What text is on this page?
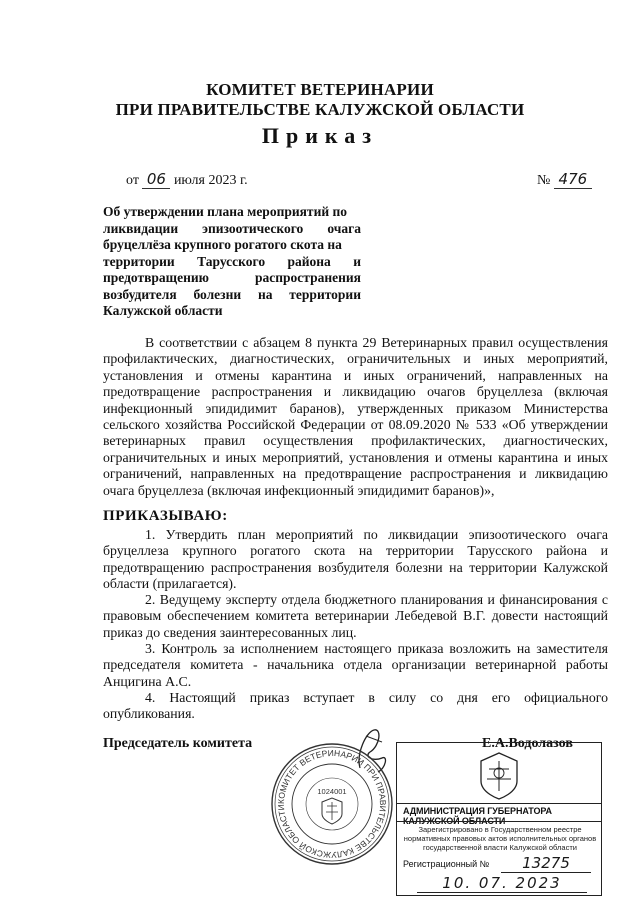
КОМИТЕТ ВЕТЕРИНАРИИ
ПРИ ПРАВИТЕЛЬСТВЕ КАЛУЖСКОЙ ОБЛАСТИ
Приказ
от 06 июля 2023 г.	№ 476
Об утверждении плана мероприятий по
ликвидации эпизоотического очага
бруцеллёза крупного рогатого скота на
территории Тарусского района и
предотвращению распространения
возбудителя болезни на территории
Калужской области
В соответствии с абзацем 8 пункта 29 Ветеринарных правил осуществления профилактических, диагностических, ограничительных и иных мероприятий, установления и отмены карантина и иных ограничений, направленных на предотвращение распространения и ликвидацию очагов бруцеллеза (включая инфекционный эпидидимит баранов), утвержденных приказом Министерства сельского хозяйства Российской Федерации от 08.09.2020 № 533 «Об утверждении ветеринарных правил осуществления профилактических, диагностических, ограничительных и иных мероприятий, установления и отмены карантина и иных ограничений, направленных на предотвращение распространения и ликвидацию очага бруцеллеза (включая инфекционный эпидидимит баранов)»,
ПРИКАЗЫВАЮ:
1. Утвердить план мероприятий по ликвидации эпизоотического очага бруцеллеза крупного рогатого скота на территории Тарусского района и предотвращению распространения возбудителя болезни на территории Калужской области (прилагается).
2. Ведущему эксперту отдела бюджетного планирования и финансирования с правовым обеспечением комитета ветеринарии Лебедевой В.Г. довести настоящий приказ до сведения заинтересованных лиц.
3. Контроль за исполнением настоящего приказа возложить на заместителя председателя комитета - начальника отдела организации ветеринарной работы Анцигина А.С.
4. Настоящий приказ вступает в силу со дня его официального опубликования.
Председатель комитета	Е.А.Водолазов
КОМИТЕТ ВЕТЕРИНАРИИ ПРИ ПРАВИТЕЛЬСТВЕ КАЛУЖСКОЙ ОБЛАСТИ
1024001
АДМИНИСТРАЦИЯ ГУБЕРНАТОРА КАЛУЖСКОЙ ОБЛАСТИ
Зарегистрировано в Государственном реестре нормативных правовых актов исполнительных органов государственной власти Калужской области
Регистрационный №	13275
10. 07. 2023
